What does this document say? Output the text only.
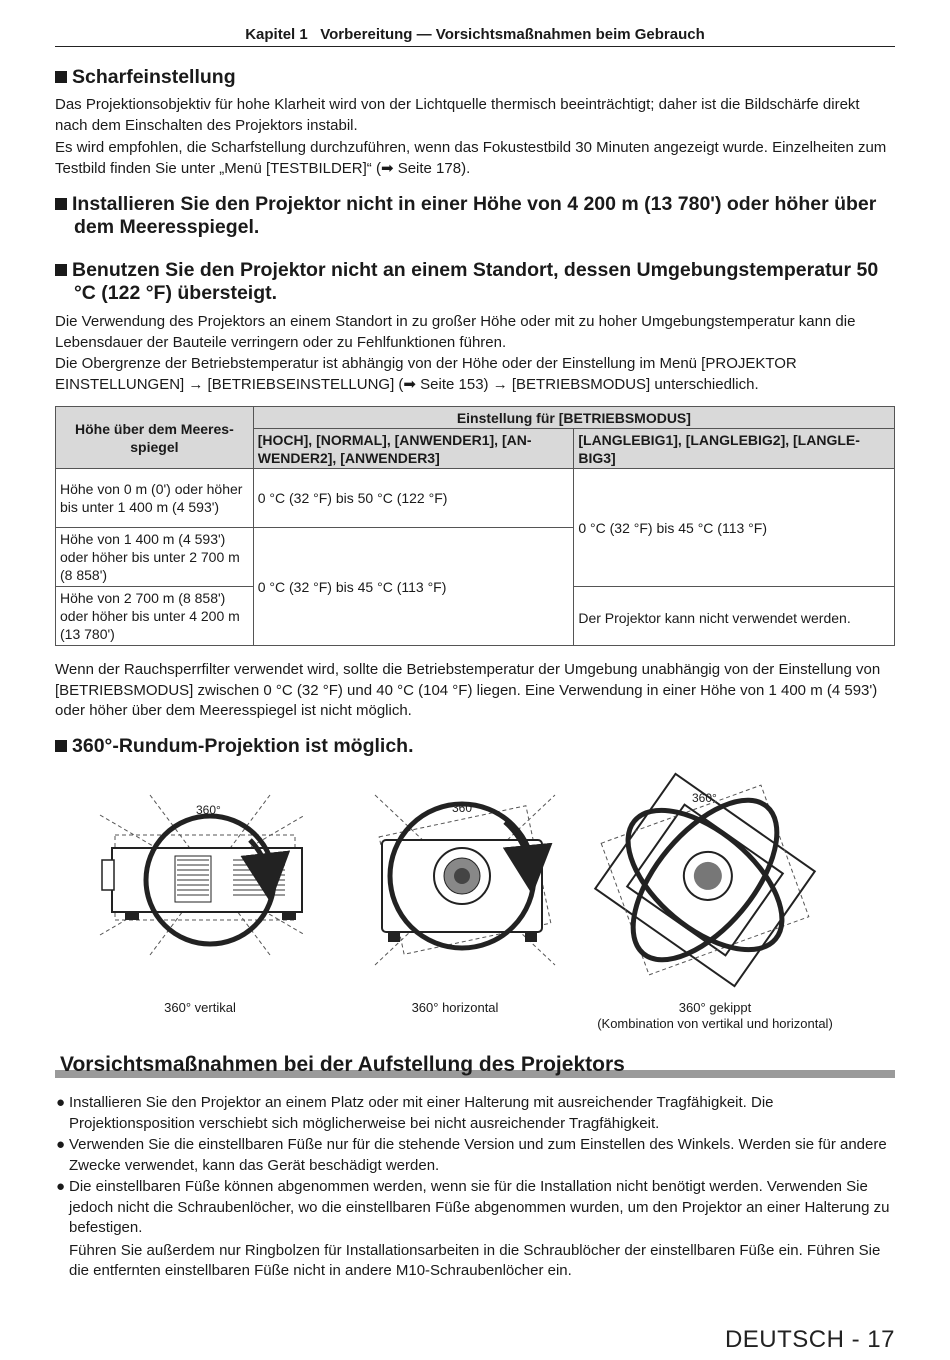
Kapitel 1   Vorbereitung — Vorsichtsmaßnahmen beim Gebrauch
Scharfeinstellung
Das Projektionsobjektiv für hohe Klarheit wird von der Lichtquelle thermisch beeinträchtigt; daher ist die Bildschärfe direkt nach dem Einschalten des Projektors instabil.
Es wird empfohlen, die Scharfstellung durchzuführen, wenn das Fokustestbild 30 Minuten angezeigt wurde. Einzelheiten zum Testbild finden Sie unter „Menü [TESTBILDER]“ (➡ Seite 178).
Installieren Sie den Projektor nicht in einer Höhe von 4 200 m (13 780') oder höher über dem Meeresspiegel.
Benutzen Sie den Projektor nicht an einem Standort, dessen Umgebungstemperatur 50 °C (122 °F) übersteigt.
Die Verwendung des Projektors an einem Standort in zu großer Höhe oder mit zu hoher Umgebungstemperatur kann die Lebensdauer der Bauteile verringern oder zu Fehlfunktionen führen.
Die Obergrenze der Betriebstemperatur ist abhängig von der Höhe oder der Einstellung im Menü [PROJEKTOR EINSTELLUNGEN] → [BETRIEBSEINSTELLUNG] (➡ Seite 153) → [BETRIEBSMODUS] unterschiedlich.
Höhe über dem Meeres-spiegel	Einstellung für [BETRIEBSMODUS]	
	[HOCH], [NORMAL], [ANWENDER1], [AN-WENDER2], [ANWENDER3]	[LANGLEBIG1], [LANGLEBIG2], [LANGLE-BIG3]
Höhe von 0 m (0') oder höher bis unter 1 400 m (4 593')	0 °C (32 °F) bis 50 °C (122 °F)	0 °C (32 °F) bis 45 °C (113 °F)
Höhe von 1 400 m (4 593') oder höher bis unter 2 700 m (8 858')	0 °C (32 °F) bis 45 °C (113 °F)	
Höhe von 2 700 m (8 858') oder höher bis unter 4 200 m (13 780')		Der Projektor kann nicht verwendet werden.
Wenn der Rauchsperrfilter verwendet wird, sollte die Betriebstemperatur der Umgebung unabhängig von der Einstellung von [BETRIEBSMODUS] zwischen 0 °C (32 °F) und 40 °C (104 °F) liegen. Eine Verwendung in einer Höhe von 1 400 m (4 593') oder höher über dem Meeresspiegel ist nicht möglich.
360°-Rundum-Projektion ist möglich.
360°	360°
360°
360° vertikal	360° horizontal	360° gekippt
(Kombination von vertikal und horizontal)
Vorsichtsmaßnahmen bei der Aufstellung des Projektors
● Installieren Sie den Projektor an einem Platz oder mit einer Halterung mit ausreichender Tragfähigkeit. Die Projektionsposition verschiebt sich möglicherweise bei nicht ausreichender Tragfähigkeit.
● Verwenden Sie die einstellbaren Füße nur für die stehende Version und zum Einstellen des Winkels. Werden sie für andere Zwecke verwendet, kann das Gerät beschädigt werden.
● Die einstellbaren Füße können abgenommen werden, wenn sie für die Installation nicht benötigt werden. Verwenden Sie jedoch nicht die Schraubenlöcher, wo die einstellbaren Füße abgenommen wurden, um den Projektor an einer Halterung zu befestigen.
Führen Sie außerdem nur Ringbolzen für Installationsarbeiten in die Schraublöcher der einstellbaren Füße ein. Führen Sie die entfernten einstellbaren Füße nicht in andere M10-Schraubenlöcher ein.
DEUTSCH - 17
